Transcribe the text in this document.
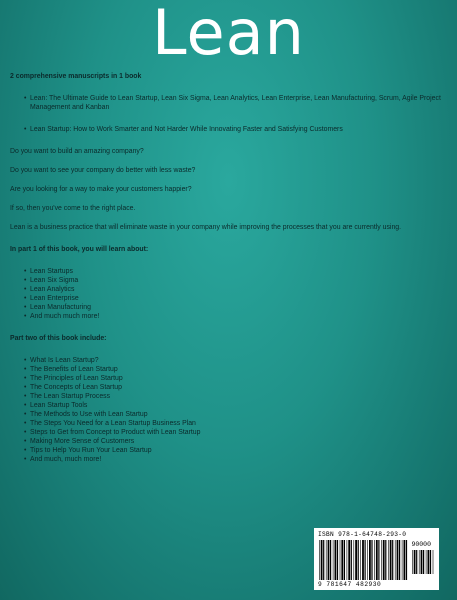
Lean

2 comprehensive manuscripts in 1 book

• Lean: The Ultimate Guide to Lean Startup, Lean Six Sigma, Lean Analytics, Lean Enterprise, Lean Manufacturing, Scrum, Agile Project Management and Kanban
• Lean Startup: How to Work Smarter and Not Harder While Innovating Faster and Satisfying Customers

Do you want to build an amazing company?

Do you want to see your company do better with less waste?

Are you looking for a way to make your customers happier?

If so, then you've come to the right place.

Lean is a business practice that will eliminate waste in your company while improving the processes that you are currently using.

In part 1 of this book, you will learn about:

• Lean Startups
• Lean Six Sigma
• Lean Analytics
• Lean Enterprise
• Lean Manufacturing
• And much much more!

Part two of this book include:

• What Is Lean Startup?
• The Benefits of Lean Startup
• The Principles of Lean Startup
• The Concepts of Lean Startup
• The Lean Startup Process
• Lean Startup Tools
• The Methods to Use with Lean Startup
• The Steps You Need for a Lean Startup Business Plan
• Steps to Get from Concept to Product with Lean Startup
• Making More Sense of Customers
• Tips to Help You Run Your Lean Startup
• And much, much more!
ISBN 978-1-64748-293-0
90000
9 781647 482930
